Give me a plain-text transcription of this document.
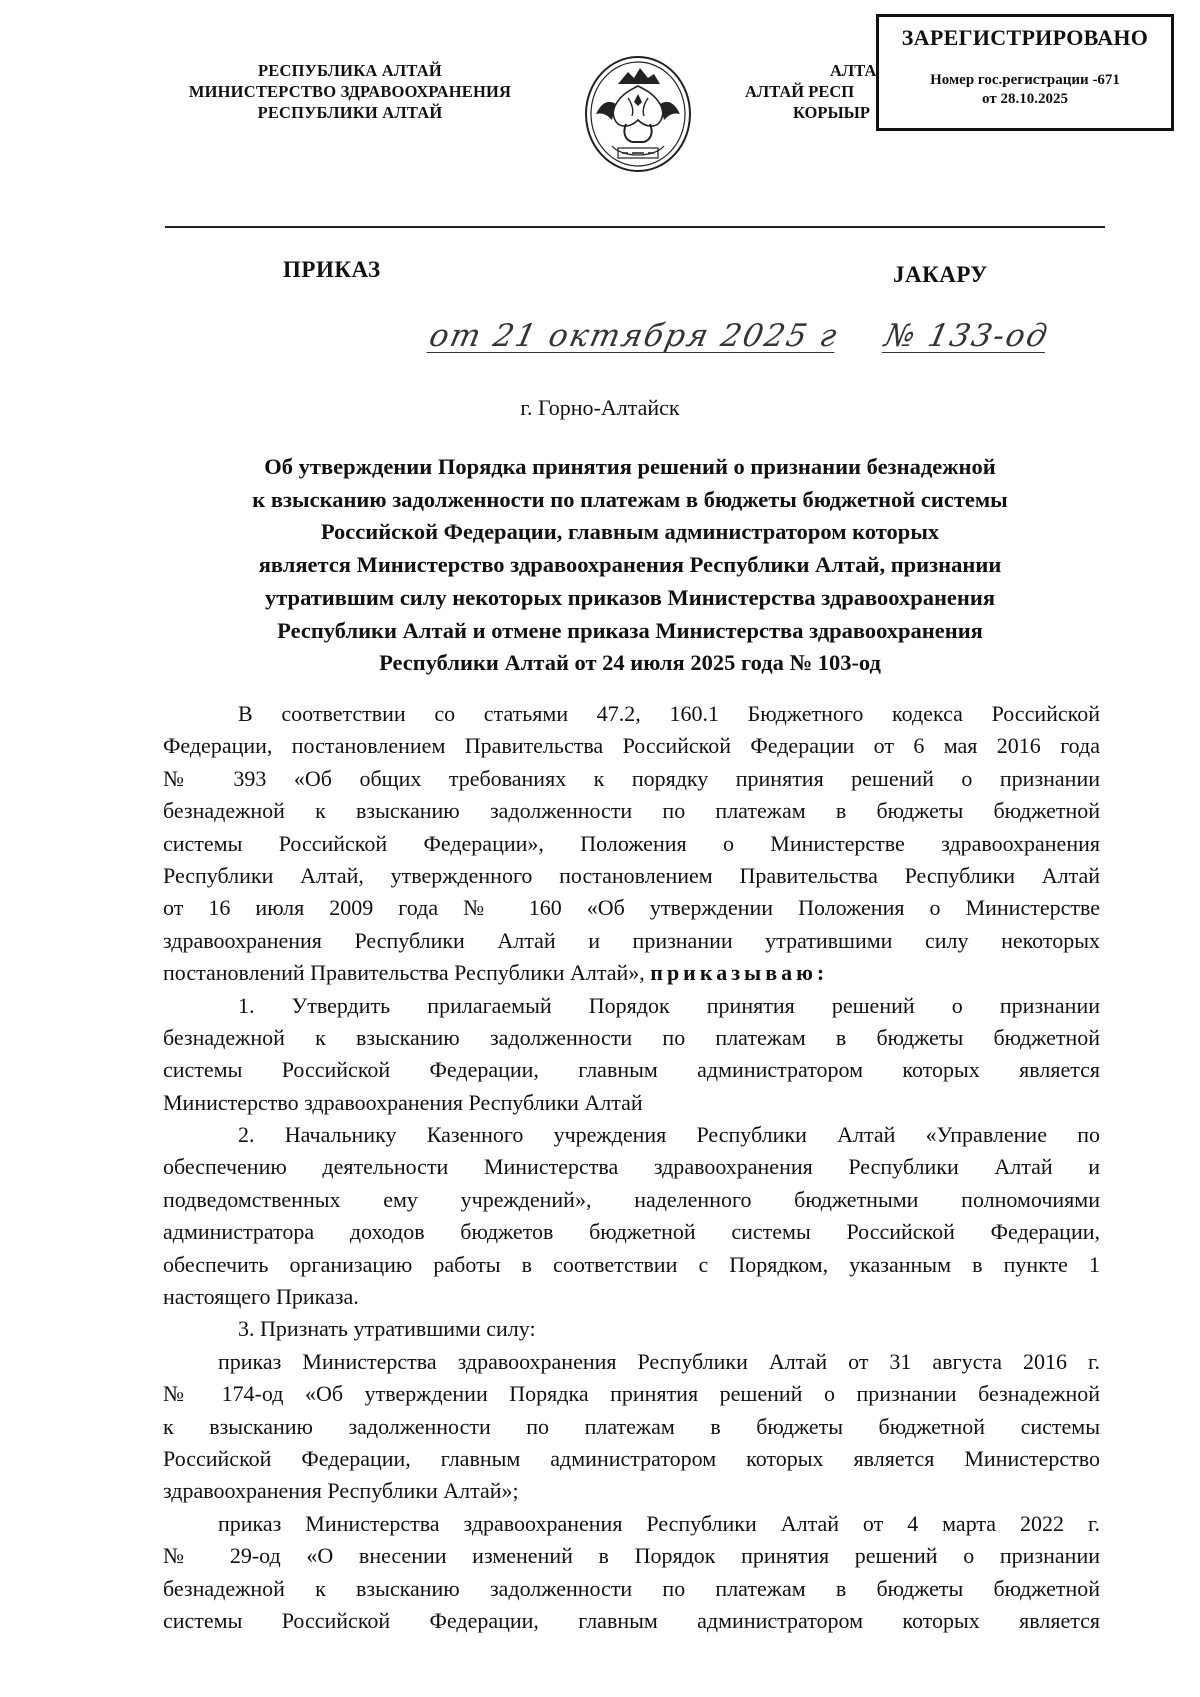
РЕСПУБЛИКА АЛТАЙ
МИНИСТЕРСТВО ЗДРАВООХРАНЕНИЯ
РЕСПУБЛИКИ АЛТАЙ
АЛТА
АЛТАЙ РЕСП
КОРЫЫР
ЗАРЕГИСТРИРОВАНО
Номер гос.регистрации -671
от 28.10.2025
ПРИКАЗ	ЈАКАРУ
от 21 октября 2025 г № 133-од
г. Горно-Алтайск
Об утверждении Порядка принятия решений о признании безнадежной
к взысканию задолженности по платежам в бюджеты бюджетной системы
Российской Федерации, главным администратором которых
является Министерство здравоохранения Республики Алтай, признании
утратившим силу некоторых приказов Министерства здравоохранения
Республики Алтай и отмене приказа Министерства здравоохранения
Республики Алтай от 24 июля 2025 года № 103-од
В соответствии со статьями 47.2, 160.1 Бюджетного кодекса Российской
Федерации, постановлением Правительства Российской Федерации от 6 мая 2016 года
№ 393 «Об общих требованиях к порядку принятия решений о признании
безнадежной к взысканию задолженности по платежам в бюджеты бюджетной
системы Российской Федерации», Положения о Министерстве здравоохранения
Республики Алтай, утвержденного постановлением Правительства Республики Алтай
от 16 июля 2009 года № 160 «Об утверждении Положения о Министерстве
здравоохранения Республики Алтай и признании утратившими силу некоторых
постановлений Правительства Республики Алтай», приказываю:
1. Утвердить прилагаемый Порядок принятия решений о признании
безнадежной к взысканию задолженности по платежам в бюджеты бюджетной
системы Российской Федерации, главным администратором которых является
Министерство здравоохранения Республики Алтай
2. Начальнику Казенного учреждения Республики Алтай «Управление по
обеспечению деятельности Министерства здравоохранения Республики Алтай и
подведомственных ему учреждений», наделенного бюджетными полномочиями
администратора доходов бюджетов бюджетной системы Российской Федерации,
обеспечить организацию работы в соответствии с Порядком, указанным в пункте 1
настоящего Приказа.
3. Признать утратившими силу:
приказ Министерства здравоохранения Республики Алтай от 31 августа 2016 г.
№ 174-од «Об утверждении Порядка принятия решений о признании безнадежной
к взысканию задолженности по платежам в бюджеты бюджетной системы
Российской Федерации, главным администратором которых является Министерство
здравоохранения Республики Алтай»;
приказ Министерства здравоохранения Республики Алтай от 4 марта 2022 г.
№ 29-од «О внесении изменений в Порядок принятия решений о признании
безнадежной к взысканию задолженности по платежам в бюджеты бюджетной
системы Российской Федерации, главным администратором которых является
